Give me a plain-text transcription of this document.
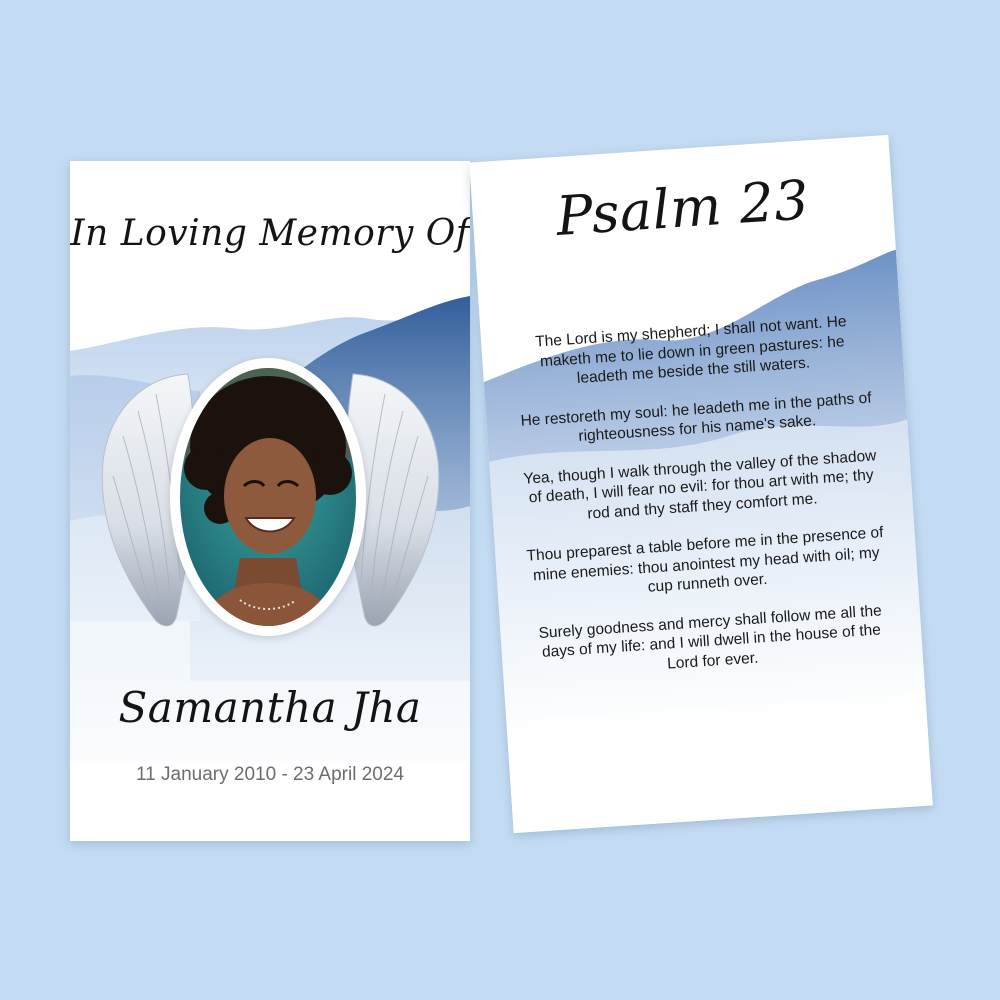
In Loving Memory Of
Samantha Jha
11 January 2010 - 23 April 2024
Psalm 23

The Lord is my shepherd; I shall not want. He maketh me to lie down in green pastures: he leadeth me beside the still waters.

He restoreth my soul: he leadeth me in the paths of righteousness for his name's sake.

Yea, though I walk through the valley of the shadow of death, I will fear no evil: for thou art with me; thy rod and thy staff they comfort me.

Thou preparest a table before me in the presence of mine enemies: thou anointest my head with oil; my cup runneth over.

Surely goodness and mercy shall follow me all the days of my life: and I will dwell in the house of the Lord for ever.
